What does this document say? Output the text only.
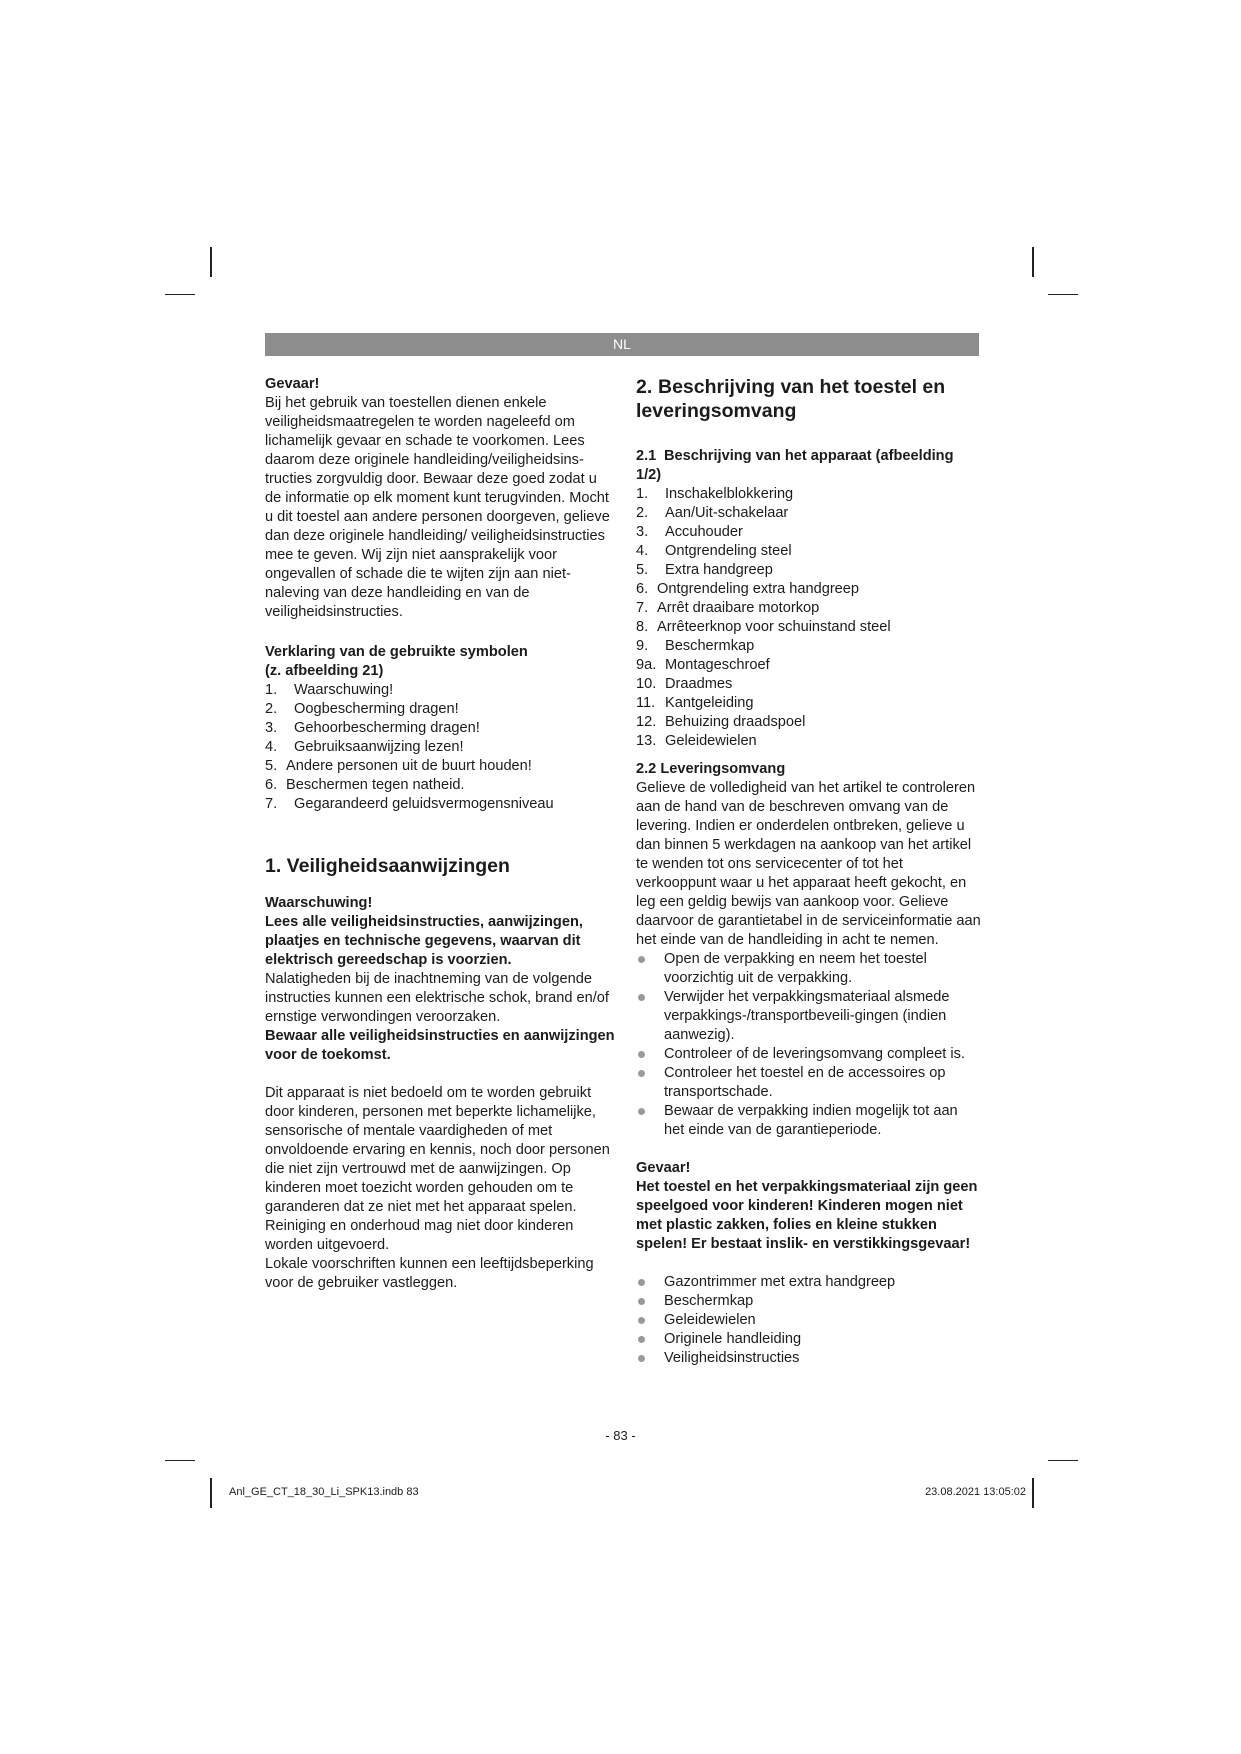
NL

Gevaar!

Bij het gebruik van toestellen dienen enkele veiligheidsmaatregelen te worden nageleefd om lichamelijk gevaar en schade te voorkomen. Lees daarom deze originele handleiding/veiligheidsinstructies zorgvuldig door. Bewaar deze goed zodat u de informatie op elk moment kunt terugvinden. Mocht u dit toestel aan andere personen doorgeven, gelieve dan deze originele handleiding/ veiligheidsinstructies mee te geven. Wij zijn niet aansprakelijk voor ongevallen of schade die te wijten zijn aan niet-naleving van deze handleiding en van de veiligheidsinstructies.

Verklaring van de gebruikte symbolen

(z. afbeelding 21)

1.	Waarschuwing!
2.	Oogbescherming dragen!
3.	Gehoorbescherming dragen!
4.	Gebruiksaanwijzing lezen!
5. Andere personen uit de buurt houden!
6. Beschermen tegen natheid.
7.	Gegarandeerd geluidsvermogensniveau

1. Veiligheidsaanwijzingen

Waarschuwing!

Lees alle veiligheidsinstructies, aanwijzingen, plaatjes en technische gegevens, waarvan dit elektrisch gereedschap is voorzien.

Nalatigheden bij de inachtneming van de volgende instructies kunnen een elektrische schok, brand en/of ernstige verwondingen veroorzaken.

Bewaar alle veiligheidsinstructies en aanwijzingen voor de toekomst.

Dit apparaat is niet bedoeld om te worden gebruikt door kinderen, personen met beperkte lichamelijke, sensorische of mentale vaardigheden of met onvoldoende ervaring en kennis, noch door personen die niet zijn vertrouwd met de aanwijzingen. Op kinderen moet toezicht worden gehouden om te garanderen dat ze niet met het apparaat spelen. Reiniging en onderhoud mag niet door kinderen worden uitgevoerd.

Lokale voorschriften kunnen een leeftijdsbeperking voor de gebruiker vastleggen.

2. Beschrijving van het toestel en leveringsomvang
2.1 Beschrijving van het apparaat (afbeelding 1/2)
1.	Inschakelblokkering
2.	Aan/Uit-schakelaar
3.	Accuhouder
4.	Ontgrendeling steel
5.	Extra handgreep
6. Ontgrendeling extra handgreep
7. Arrêt draaibare motorkop
8. Arrêteerknop voor schuinstand steel
9.	Beschermkap
9a. Montageschroef
10. Draadmes
11. Kantgeleiding
12. Behuizing draadspoel
13. Geleidewielen

2.2 Leveringsomvang

Gelieve de volledigheid van het artikel te controleren aan de hand van de beschreven omvang van de levering. Indien er onderdelen ontbreken, gelieve u dan binnen 5 werkdagen na aankoop van het artikel te wenden tot ons servicecenter of tot het verkooppunt waar u het apparaat heeft gekocht, en leg een geldig bewijs van aankoop voor. Gelieve daarvoor de garantietabel in de serviceinformatie aan het einde van de handleiding in acht te nemen.

Open de verpakking en neem het toestel voorzichtig uit de verpakking.
Verwijder het verpakkingsmateriaal alsmede verpakkings-/transportbeveili-gingen (indien aanwezig).
Controleer of de leveringsomvang compleet is.
Controleer het toestel en de accessoires op transportschade.
Bewaar de verpakking indien mogelijk tot aan het einde van de garantieperiode.

Gevaar!

Het toestel en het verpakkingsmateriaal zijn geen speelgoed voor kinderen! Kinderen mogen niet met plastic zakken, folies en kleine stukken spelen! Er bestaat inslik- en verstikkingsgevaar!

Gazontrimmer met extra handgreep
Beschermkap
Geleidewielen
Originele handleiding
Veiligheidsinstructies
- 83 -
Anl_GE_CT_18_30_Li_SPK13.indb 83	23.08.2021 13:05:02
